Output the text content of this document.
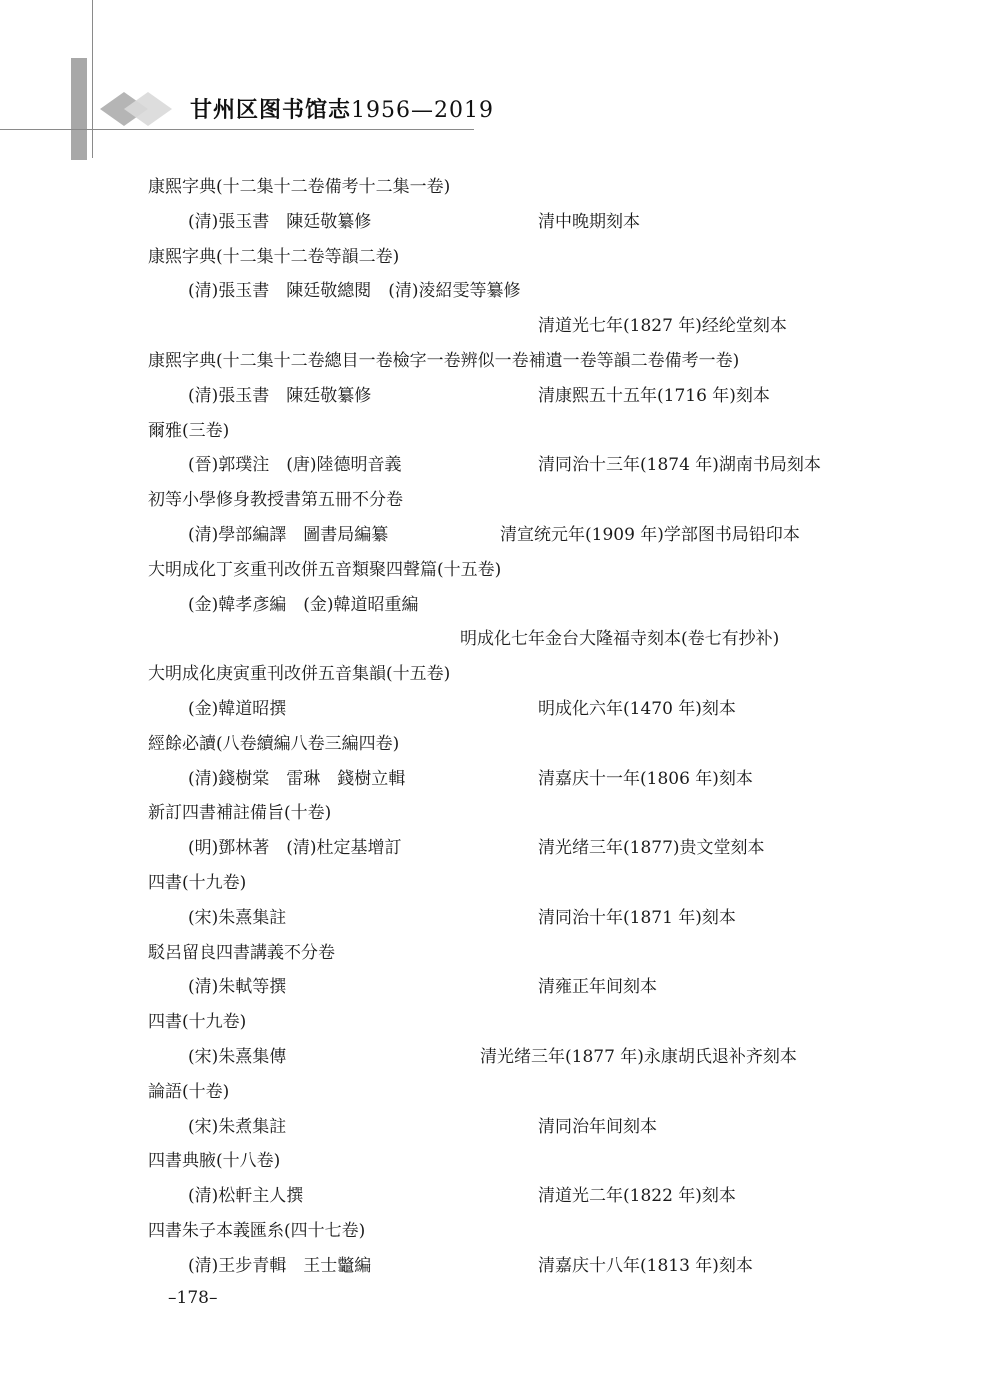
甘州区图书馆志1956—2019
康熙字典(十二集十二卷備考十二集一卷)
(清)張玉書　陳廷敬纂修	清中晚期刻本
康熙字典(十二集十二卷等韻二卷)
(清)張玉書　陳廷敬總閱　(清)淩紹雯等纂修
清道光七年(1827 年)经纶堂刻本
康熙字典(十二集十二卷總目一卷檢字一卷辨似一卷補遺一卷等韻二卷備考一卷)
(清)張玉書　陳廷敬纂修	清康熙五十五年(1716 年)刻本
爾雅(三卷)
(晉)郭璞注　(唐)陸德明音義	清同治十三年(1874 年)湖南书局刻本
初等小學修身教授書第五冊不分卷
(清)學部編譯　圖書局編纂	清宣统元年(1909 年)学部图书局铅印本
大明成化丁亥重刊改併五音類聚四聲篇(十五卷)
(金)韓孝彥編　(金)韓道昭重編
明成化七年金台大隆福寺刻本(卷七有抄补)
大明成化庚寅重刊改併五音集韻(十五卷)
(金)韓道昭撰	明成化六年(1470 年)刻本
經餘必讀(八卷續編八卷三編四卷)
(清)錢樹棠　雷琳　錢樹立輯	清嘉庆十一年(1806 年)刻本
新訂四書補註備旨(十卷)
(明)鄧林著　(清)杜定基增訂	清光绪三年(1877)贵文堂刻本
四書(十九卷)
(宋)朱熹集註	清同治十年(1871 年)刻本
駁呂留良四書講義不分卷
(清)朱軾等撰	清雍正年间刻本
四書(十九卷)
(宋)朱熹集傳	清光绪三年(1877 年)永康胡氏退补齐刻本
論語(十卷)
(宋)朱煮集註	清同治年间刻本
四書典腋(十八卷)
(清)松軒主人撰	清道光二年(1822 年)刻本
四書朱子本義匯糸(四十七卷)
(清)王步青輯　王士龞編	清嘉庆十八年(1813 年)刻本
–178–
